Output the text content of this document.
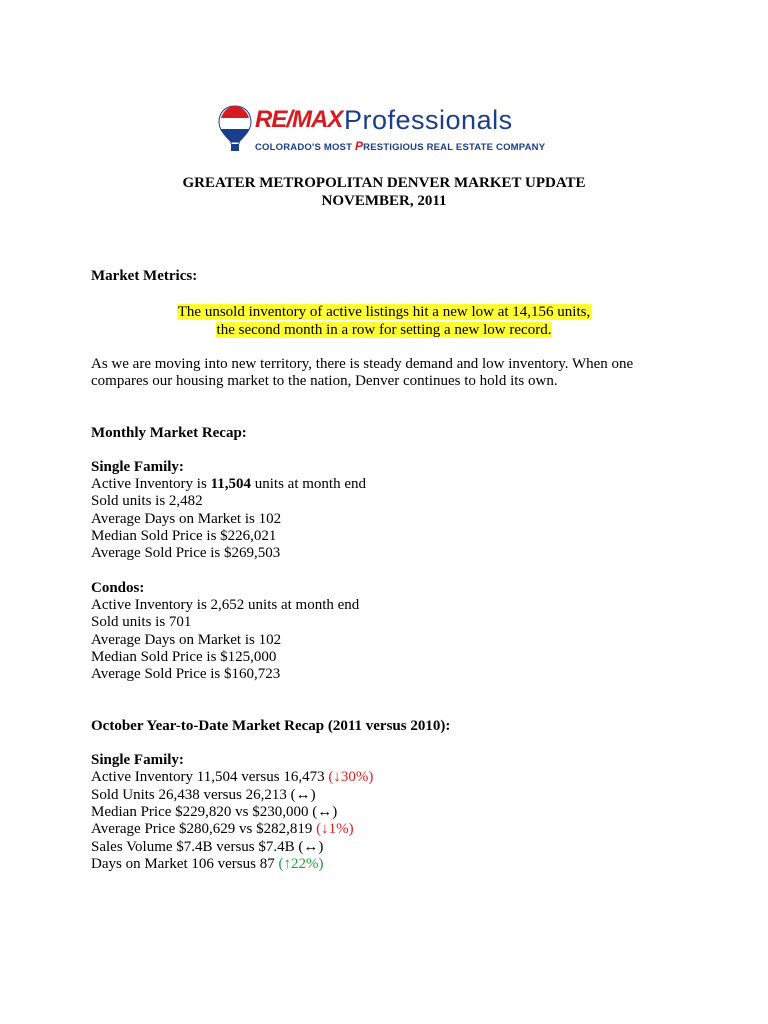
RE/MAX Professionals
COLORADO'S MOST PRESTIGIOUS REAL ESTATE COMPANY
GREATER METROPOLITAN DENVER MARKET UPDATE
NOVEMBER, 2011
Market Metrics:
The unsold inventory of active listings hit a new low at 14,156 units,
the second month in a row for setting a new low record.
As we are moving into new territory, there is steady demand and low inventory. When one
compares our housing market to the nation, Denver continues to hold its own.
Monthly Market Recap:
Single Family:
Active Inventory is 11,504 units at month end
Sold units is 2,482
Average Days on Market is 102
Median Sold Price is $226,021
Average Sold Price is $269,503
Condos:
Active Inventory is 2,652 units at month end
Sold units is 701
Average Days on Market is 102
Median Sold Price is $125,000
Average Sold Price is $160,723
October Year-to-Date Market Recap (2011 versus 2010):
Single Family:
Active Inventory 11,504 versus 16,473 (↓30%)
Sold Units 26,438 versus 26,213 (↔)
Median Price $229,820 vs $230,000 (↔)
Average Price $280,629 vs $282,819 (↓1%)
Sales Volume $7.4B versus $7.4B (↔)
Days on Market 106 versus 87 (↑22%)
